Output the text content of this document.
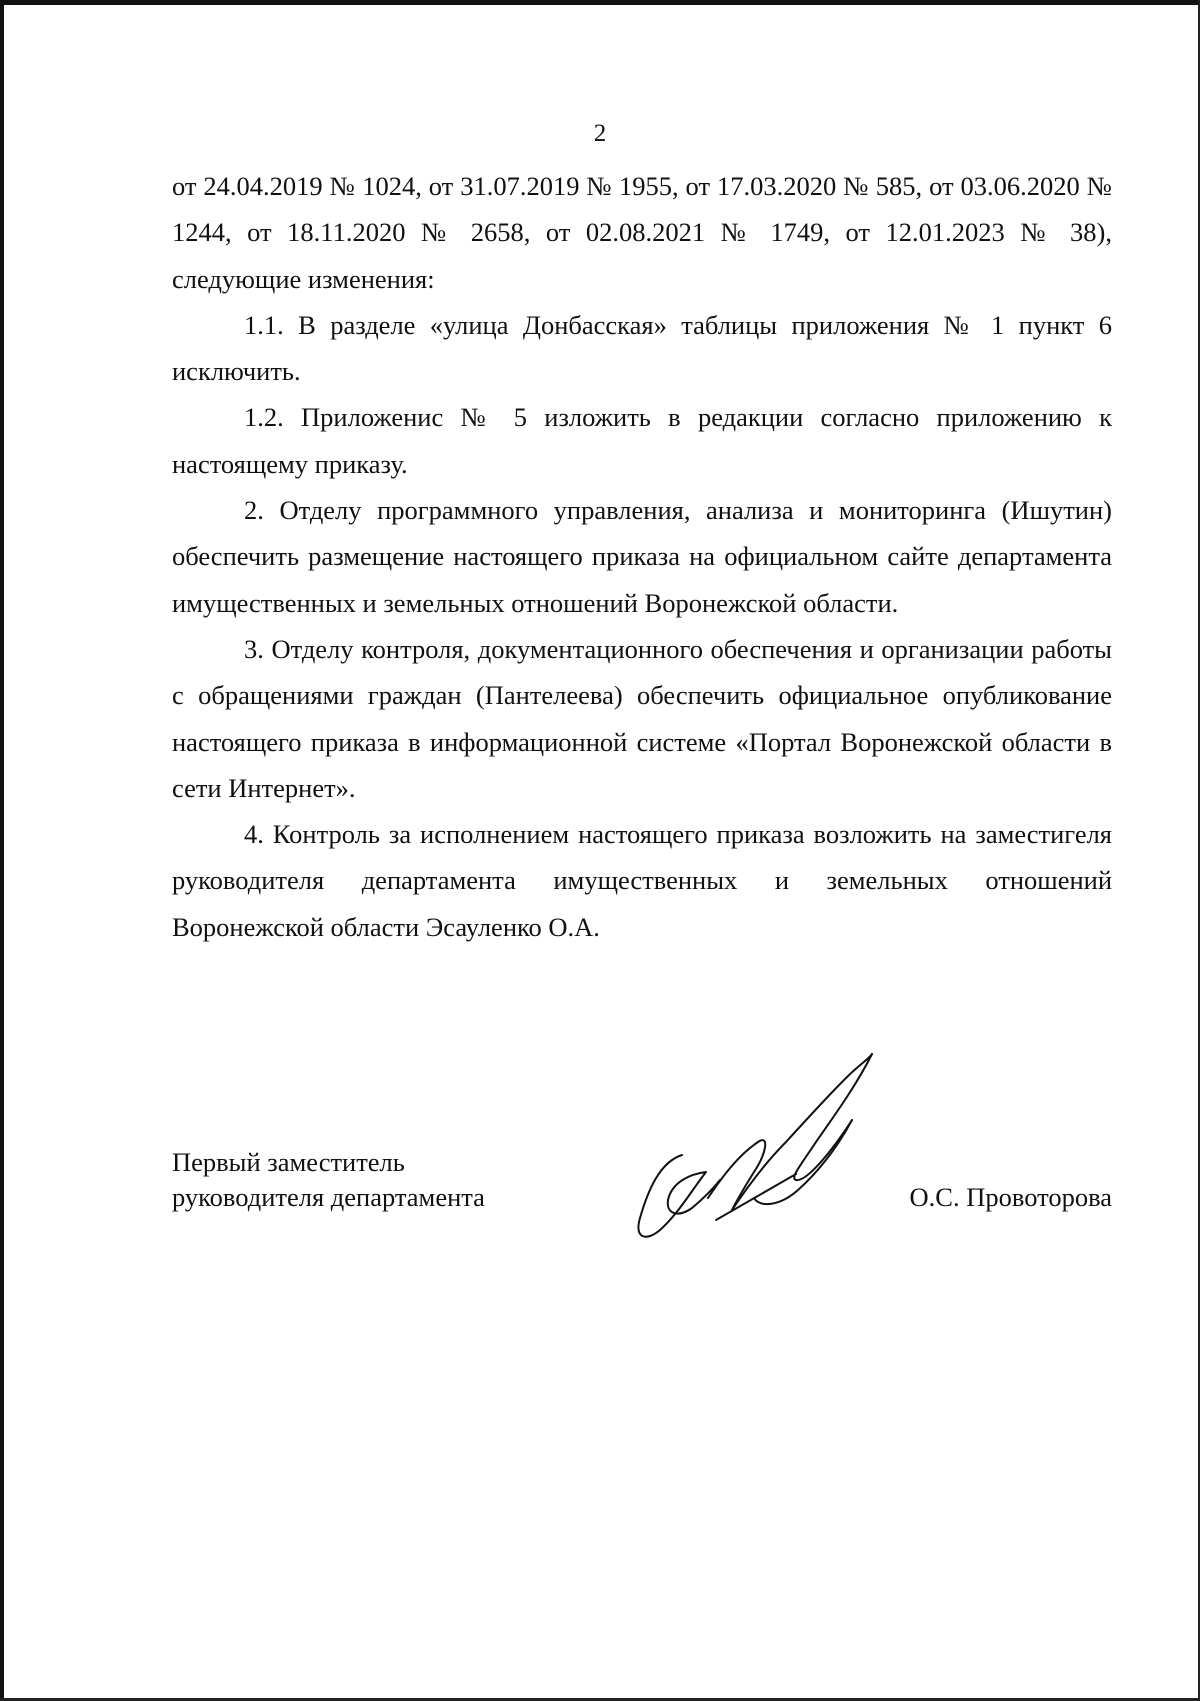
2

от 24.04.2019 № 1024, от 31.07.2019 № 1955, от 17.03.2020 № 585, от 03.06.2020 № 1244, от 18.11.2020 № 2658, от 02.08.2021 № 1749, от 12.01.2023 № 38), следующие изменения:

1.1. В разделе «улица Донбасская» таблицы приложения № 1 пункт 6 исключить.

1.2. Приложенис № 5 изложить в редакции согласно приложению к настоящему приказу.

2. Отделу программного управления, анализа и мониторинга (Ишутин) обеспечить размещение настоящего приказа на официальном сайте департамента имущественных и земельных отношений Воронежской области.

3. Отделу контроля, документационного обеспечения и организации работы с обращениями граждан (Пантелеева) обеспечить официальное опубликование настоящего приказа в информационной системе «Портал Воронежской области в сети Интернет».

4. Контроль за исполнением настоящего приказа возложить на заместигеля руководителя департамента имущественных и земельных отношений Воронежской области Эсауленко О.А.

Первый заместитель
руководителя департамента	О.С. Провоторова
